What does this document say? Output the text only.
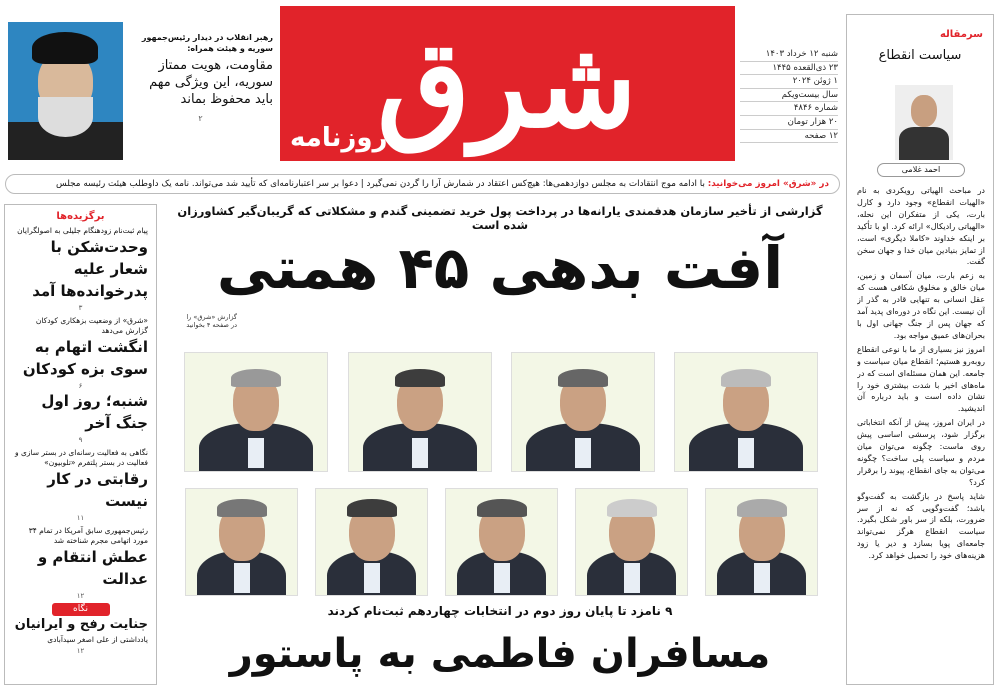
شرق
روزنامه
شنبه ۱۲ خرداد ۱۴۰۳
۲۳ ذی‌القعده ۱۴۴۵
۱ ژوئن ۲۰۲۴
سال بیست‌ویکم
شماره ۴۸۴۶
۲۰ هزار تومان
۱۲ صفحه
رهبر انقلاب در دیدار رئیس‌جمهور سوریه و هیئت همراه:
مقاومت، هویت ممتاز سوریه، این ویژگی مهم باید محفوظ بماند
۲
در «شرق» امروز می‌خوانید: با ادامه موج انتقادات به مجلس دوازدهمی‌ها: هیچ‌کس اعتقاد در شمارش آرا را گردن نمی‌گیرد | دعوا بر سر اعتبارنامه‌ای که تأیید شد می‌تواند. نامه یک داوطلب هیئت رئیسه مجلس
سرمقاله
سیاست انقطاع
احمد غلامی

در مباحث الهیاتی رویکردی به نام «الهیات انقطاع» وجود دارد و کارل بارت، یکی از متفکران این نحله، «الهیاتی رادیکال» ارائه کرد. او با تأکید بر اینکه خداوند «کاملا دیگری» است، از تمایز بنیادین میان خدا و جهان سخن گفت.

به زعم بارت، میان آسمان و زمین، میان خالق و مخلوق شکافی هست که عقل انسانی به تنهایی قادر به گذر از آن نیست. این نگاه در دوره‌ای پدید آمد که جهان پس از جنگ جهانی اول با بحران‌های عمیق مواجه بود.

امروز نیز بسیاری از ما با نوعی انقطاع روبه‌رو هستیم؛ انقطاع میان سیاست و جامعه. این همان مسئله‌ای است که در ماه‌های اخیر با شدت بیشتری خود را نشان داده است و باید درباره آن اندیشید.

در ایران امروز، پیش از آنکه انتخاباتی برگزار شود، پرسشی اساسی پیش روی ماست: چگونه می‌توان میان مردم و سیاست پلی ساخت؟ چگونه می‌توان به جای انقطاع، پیوند را برقرار کرد؟

شاید پاسخ در بازگشت به گفت‌وگو باشد؛ گفت‌وگویی که نه از سر ضرورت، بلکه از سر باور شکل بگیرد. سیاست انقطاع هرگز نمی‌تواند جامعه‌ای پویا بسازد و دیر یا زود هزینه‌های خود را تحمیل خواهد کرد.

برگزیده‌ها
پیام ثبت‌نام زودهنگام جلیلی به اصولگرایان
وحدت‌شکن با شعار علیه پدرخوانده‌ها آمد
۳
«شرق» از وضعیت بزهکاری کودکان گزارش می‌دهد
انگشت اتهام به سوی بزه کودکان
۶
شنبه؛ روز اول جنگ آخر
۹
نگاهی به فعالیت رسانه‌ای در بستر سازی و فعالیت در بستر پلتفرم «تلوبیون»
رقابتی در کار نیست
۱۱
رئیس‌جمهوری سابق آمریکا در تمام ۳۴ مورد اتهامی مجرم شناخته شد
عطش انتقام و عدالت
۱۲
نگاه
جنایت رفح و ایرانیان
یادداشتی از علی اصغر سیدآبادی
۱۲
گزارشی از تأخیر سازمان هدفمندی یارانه‌ها در پرداخت پول خرید تضمینی گندم و مشکلاتی که گریبان‌گیر کشاورزان شده است
آفت بدهی ۴۵ همتی
گزارش «شرق» را در صفحه ۴ بخوانید
۹ نامزد تا پایان روز دوم در انتخابات چهاردهم ثبت‌نام کردند
مسافران فاطمی به پاستور
